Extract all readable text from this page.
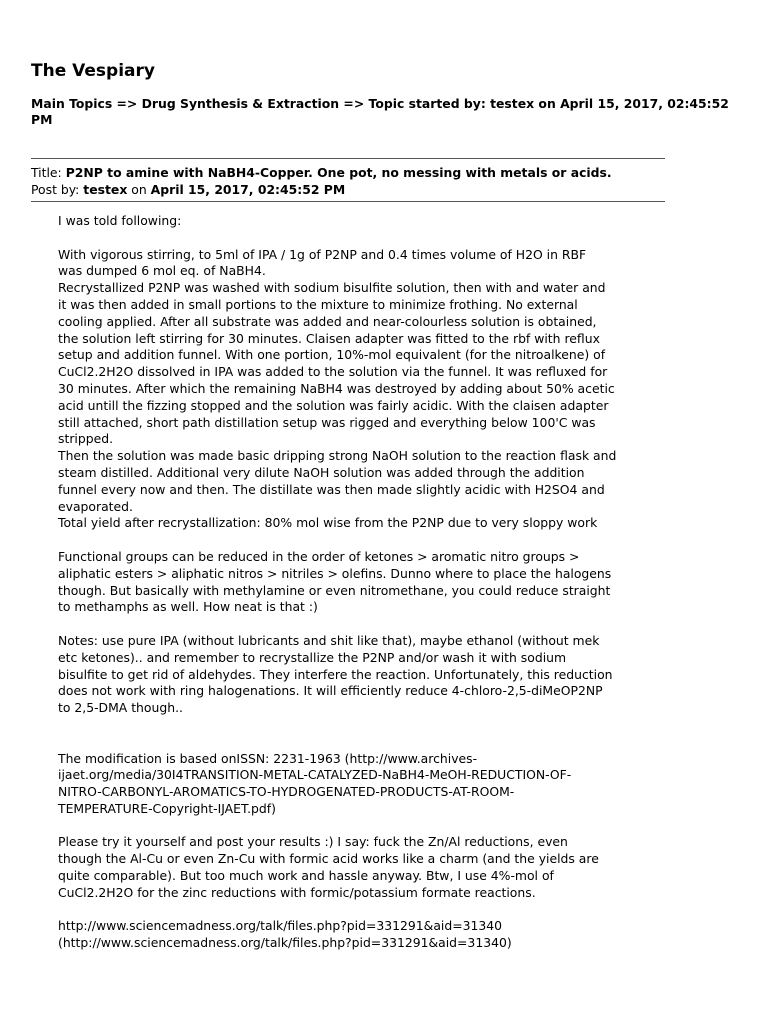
The Vespiary
Main Topics => Drug Synthesis & Extraction => Topic started by: testex on April 15, 2017, 02:45:52 PM
Title: P2NP to amine with NaBH4-Copper. One pot, no messing with metals or acids.
Post by: testex on April 15, 2017, 02:45:52 PM

I was told following:

With vigorous stirring, to 5ml of IPA / 1g of P2NP and 0.4 times volume of H2O in RBF
was dumped 6 mol eq. of NaBH4.
Recrystallized P2NP was washed with sodium bisulfite solution, then with and water and
it was then added in small portions to the mixture to minimize frothing. No external
cooling applied. After all substrate was added and near-colourless solution is obtained,
the solution left stirring for 30 minutes. Claisen adapter was fitted to the rbf with reflux
setup and addition funnel. With one portion, 10%-mol equivalent (for the nitroalkene) of
CuCl2.2H2O dissolved in IPA was added to the solution via the funnel. It was refluxed for
30 minutes. After which the remaining NaBH4 was destroyed by adding about 50% acetic
acid untill the fizzing stopped and the solution was fairly acidic. With the claisen adapter
still attached, short path distillation setup was rigged and everything below 100'C was
stripped.
Then the solution was made basic dripping strong NaOH solution to the reaction flask and
steam distilled. Additional very dilute NaOH solution was added through the addition
funnel every now and then. The distillate was then made slightly acidic with H2SO4 and
evaporated.
Total yield after recrystallization: 80% mol wise from the P2NP due to very sloppy work

Functional groups can be reduced in the order of ketones > aromatic nitro groups >
aliphatic esters > aliphatic nitros > nitriles > olefins. Dunno where to place the halogens
though. But basically with methylamine or even nitromethane, you could reduce straight
to methamphs as well. How neat is that :)

Notes: use pure IPA (without lubricants and shit like that), maybe ethanol (without mek
etc ketones).. and remember to recrystallize the P2NP and/or wash it with sodium
bisulfite to get rid of aldehydes. They interfere the reaction. Unfortunately, this reduction
does not work with ring halogenations. It will efficiently reduce 4-chloro-2,5-diMeOP2NP
to 2,5-DMA though..

The modification is based onISSN: 2231-1963 (http://www.archives-
ijaet.org/media/30I4TRANSITION-METAL-CATALYZED-NaBH4-MeOH-REDUCTION-OF-
NITRO-CARBONYL-AROMATICS-TO-HYDROGENATED-PRODUCTS-AT-ROOM-
TEMPERATURE-Copyright-IJAET.pdf)

Please try it yourself and post your results :) I say: fuck the Zn/Al reductions, even
though the Al-Cu or even Zn-Cu with formic acid works like a charm (and the yields are
quite comparable). But too much work and hassle anyway. Btw, I use 4%-mol of
CuCl2.2H2O for the zinc reductions with formic/potassium formate reactions.

http://www.sciencemadness.org/talk/files.php?pid=331291&aid=31340
(http://www.sciencemadness.org/talk/files.php?pid=331291&aid=31340)
